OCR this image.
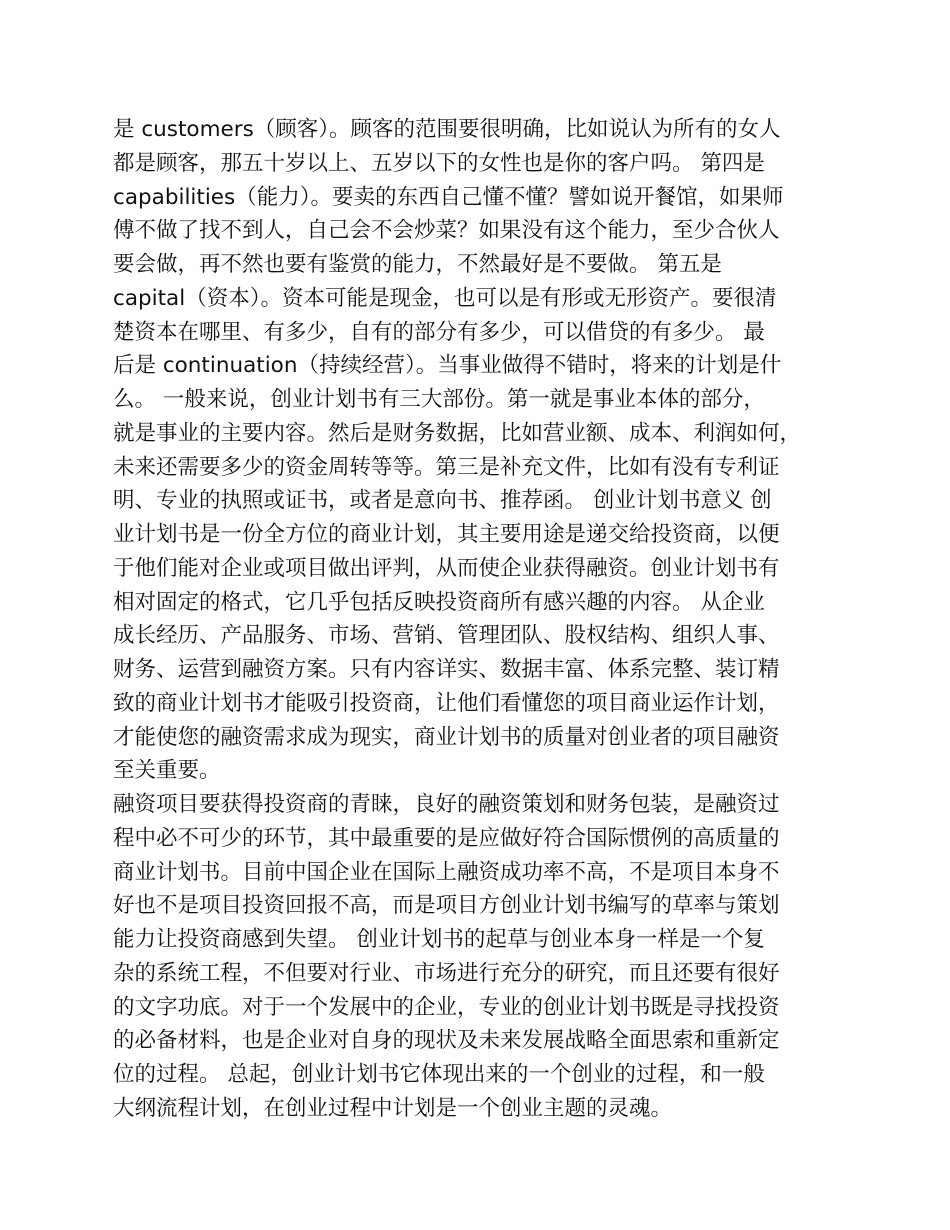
是 customers（顾客）。顾客的范围要很明确，比如说认为所有的女人
都是顾客，那五十岁以上、五岁以下的女性也是你的客户吗。 第四是
capabilities（能力）。要卖的东西自己懂不懂？譬如说开餐馆，如果师
傅不做了找不到人，自己会不会炒菜？如果没有这个能力，至少合伙人
要会做，再不然也要有鉴赏的能力，不然最好是不要做。 第五是
capital（资本）。资本可能是现金，也可以是有形或无形资产。要很清
楚资本在哪里、有多少，自有的部分有多少，可以借贷的有多少。 最
后是 continuation（持续经营）。当事业做得不错时，将来的计划是什
么。 一般来说，创业计划书有三大部份。第一就是事业本体的部分，
就是事业的主要内容。然后是财务数据，比如营业额、成本、利润如何，
未来还需要多少的资金周转等等。第三是补充文件，比如有没有专利证
明、专业的执照或证书，或者是意向书、推荐函。 创业计划书意义 创
业计划书是一份全方位的商业计划，其主要用途是递交给投资商，以便
于他们能对企业或项目做出评判，从而使企业获得融资。创业计划书有
相对固定的格式，它几乎包括反映投资商所有感兴趣的内容。 从企业
成长经历、产品服务、市场、营销、管理团队、股权结构、组织人事、
财务、运营到融资方案。只有内容详实、数据丰富、体系完整、装订精
致的商业计划书才能吸引投资商，让他们看懂您的项目商业运作计划，
才能使您的融资需求成为现实，商业计划书的质量对创业者的项目融资
至关重要。
融资项目要获得投资商的青睐，良好的融资策划和财务包装，是融资过
程中必不可少的环节，其中最重要的是应做好符合国际惯例的高质量的
商业计划书。目前中国企业在国际上融资成功率不高，不是项目本身不
好也不是项目投资回报不高，而是项目方创业计划书编写的草率与策划
能力让投资商感到失望。 创业计划书的起草与创业本身一样是一个复
杂的系统工程，不但要对行业、市场进行充分的研究，而且还要有很好
的文字功底。对于一个发展中的企业，专业的创业计划书既是寻找投资
的必备材料，也是企业对自身的现状及未来发展战略全面思索和重新定
位的过程。 总起，创业计划书它体现出来的一个创业的过程，和一般
大纲流程计划，在创业过程中计划是一个创业主题的灵魂。
